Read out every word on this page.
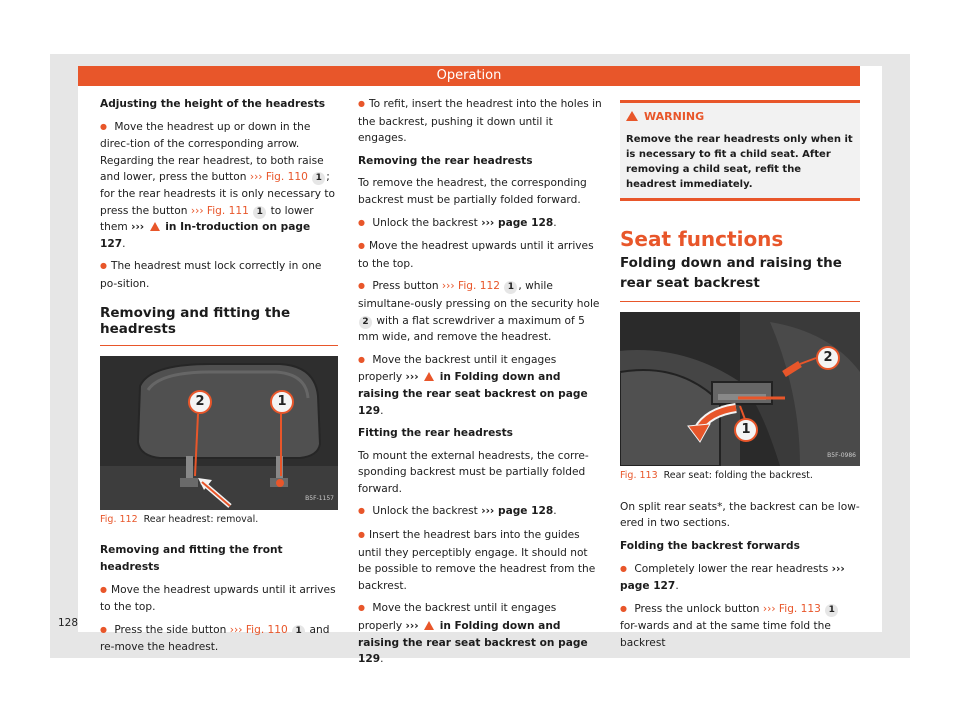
Operation

Adjusting the height of the headrests

● Move the headrest up or down in the direc-tion of the corresponding arrow. Regarding the rear headrest, to both raise and lower, press the button ››› Fig. 110 1 ; for the rear headrests it is only necessary to press the button ››› Fig. 111 1 to lower them ›››  in In-troduction on page 127.

● The headrest must lock correctly in one po-sition.

Removing and fitting the headrests
2	1
B5F-1157
Fig. 112 Rear headrest: removal.

Removing and fitting the front headrests

● Move the headrest upwards until it arrives to the top.

● Press the side button ››› Fig. 110 1 and re-move the headrest.

● To refit, insert the headrest into the holes in the backrest, pushing it down until it engages.

Removing the rear headrests

To remove the headrest, the corresponding backrest must be partially folded forward.

● Unlock the backrest ››› page 128.

● Move the headrest upwards until it arrives to the top.

● Press button ››› Fig. 112 1 , while simultane-ously pressing on the security hole 2 with a flat screwdriver a maximum of 5 mm wide, and remove the headrest.

● Move the backrest until it engages properly ›››  in Folding down and raising the rear seat backrest on page 129.

Fitting the rear headrests

To mount the external headrests, the corre-sponding backrest must be partially folded forward.

● Unlock the backrest ››› page 128.

● Insert the headrest bars into the guides until they perceptibly engage. It should not be possible to remove the headrest from the backrest.

● Move the backrest until it engages properly ›››  in Folding down and raising the rear seat backrest on page 129.

WARNING
Remove the rear headrests only when it is necessary to fit a child seat. After removing a child seat, refit the headrest immediately.
Seat functions
Folding down and raising the rear seat backrest
2
1
B5F-0986
Fig. 113 Rear seat: folding the backrest.

On split rear seats*, the backrest can be low-ered in two sections.

Folding the backrest forwards

● Completely lower the rear headrests ››› page 127.

● Press the unlock button ››› Fig. 113 1 for-wards and at the same time fold the backrest

128
